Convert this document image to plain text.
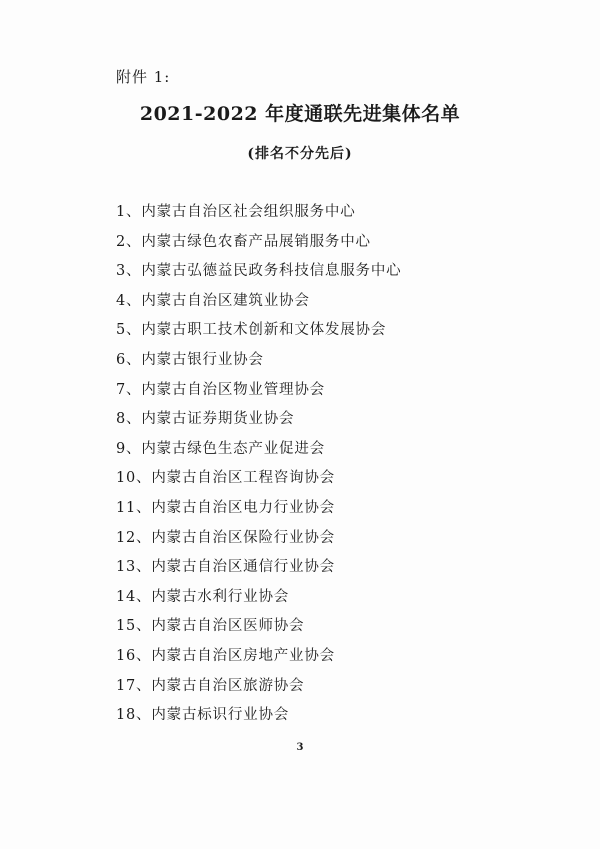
附件 1:

2021-2022 年度通联先进集体名单

(排名不分先后)

1、内蒙古自治区社会组织服务中心
2、内蒙古绿色农畜产品展销服务中心
3、内蒙古弘德益民政务科技信息服务中心
4、内蒙古自治区建筑业协会
5、内蒙古职工技术创新和文体发展协会
6、内蒙古银行业协会
7、内蒙古自治区物业管理协会
8、内蒙古证券期货业协会
9、内蒙古绿色生态产业促进会
10、内蒙古自治区工程咨询协会
11、内蒙古自治区电力行业协会
12、内蒙古自治区保险行业协会
13、内蒙古自治区通信行业协会
14、内蒙古水利行业协会
15、内蒙古自治区医师协会
16、内蒙古自治区房地产业协会
17、内蒙古自治区旅游协会
18、内蒙古标识行业协会

3
